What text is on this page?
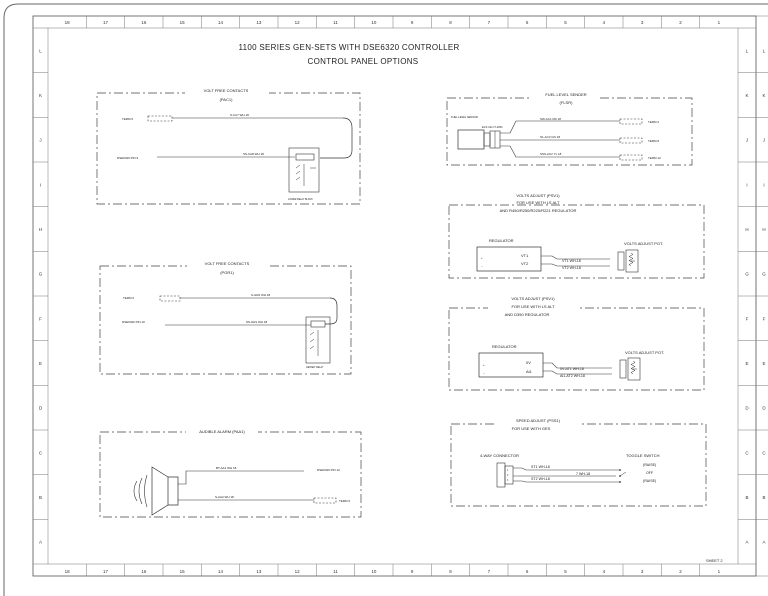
18	17	16	15	14	13	12	11	10	9	8	7	6	5	4	3	2	1
18	17	16	15	14	13	12	11	10	9	8	7	6	5	4	3	2	1
L
K
J
I
H
G
F
E
D
C
B
A
L	L
K	K
J	J
I	I
H	H
G	G
F	F
E	E
D	D
C	C
B	B
A	A
1100 SERIES GEN-SETS WITH DSE6320 CONTROLLER
CONTROL PANEL OPTIONS
VOLT FREE CONTACTS
(PAC1)
TERM 6
S-CA7 WH 18
DSE6320 PIN 9
SS-CA8 WH 18
LOWER RELAY BLOCK
VOLT FREE CONTACTS
(PGR1)
TERM 6
S-GR2 WH 18
DSE6320 PIN 10	SS-GR1 WH 18
GENSET RELAY
AUDIBLE ALARM (PAA1)
BT-AA1 WH 18	DSE6320 PIN 12
S-AA2 WH 18
TERM 6
FUEL LEVEL SENDER
(FLSR)
FUEL LEVEL SENSOR
ECX-CE CT-2054
SW-AC1 RD 18
TERM 2
S1-AC3 GN 18
TERM 8
SSS-AC2 YL 18
TERM 12
VOLTS ADJUST (PSV1)
FOR USE WITH LS ALT
AND R450/R250/R220/R221 REGULATOR
REGULATOR
VT1
VT2
+
−
VT1 WH-18
VT2 WH-18
VOLTS ADJUST POT.
VOLTS ADJUST (PSV1)
FOR USE WITH LS ALT
AND D350 REGULATOR
REGULATOR
0V
Ai1
+
−
0V-AT1 WH-18
Ai1-AT2 WH-18
VOLTS ADJUST POT.
SPEED ADJUST (PSS1)
FOR USE WITH GES
4-WAY CONNECTOR
1
2
3
ST1 WH-18
7 WH-18
ST2 WH-18
TOGGLE SWITCH
(RAISE)
OFF
(RAISE)
SHEET 2
